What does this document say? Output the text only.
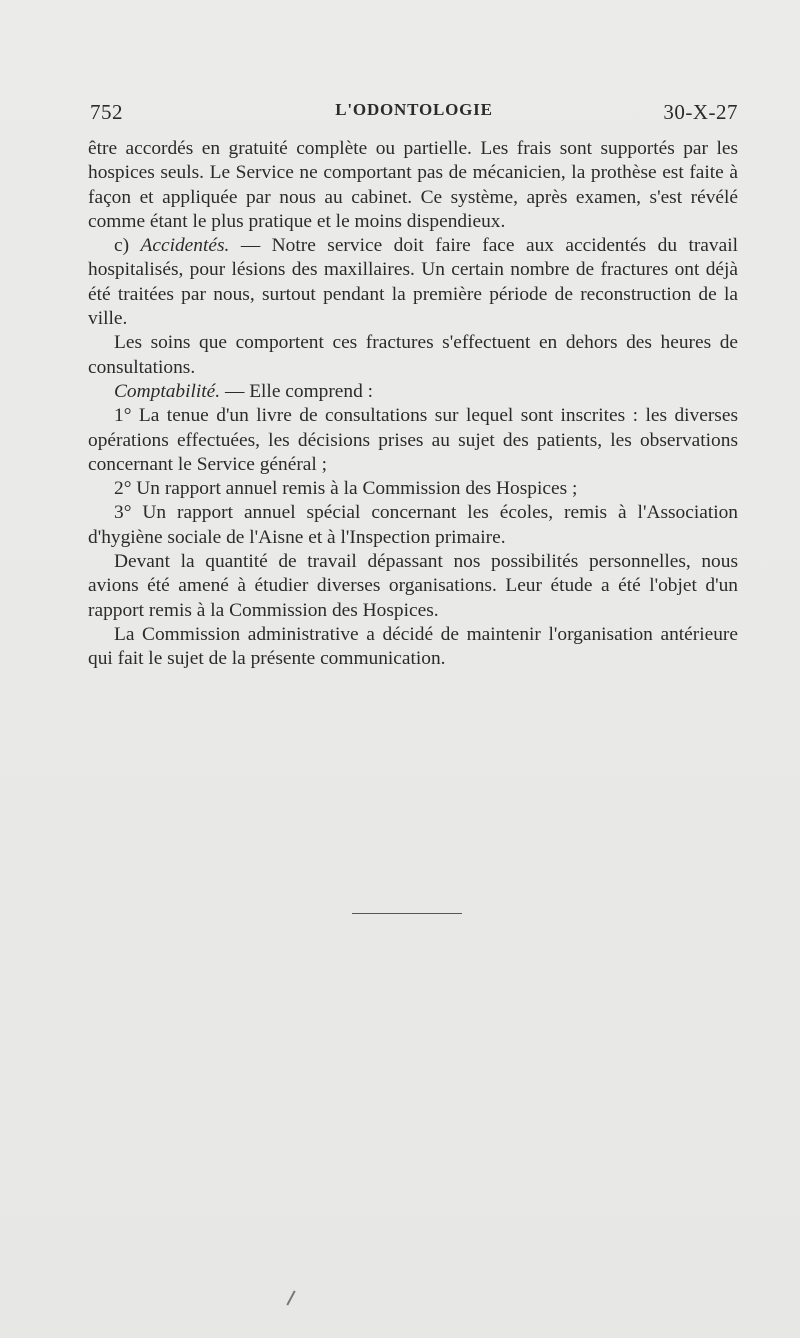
752	L'ODONTOLOGIE	30-X-27

être accordés en gratuité complète ou partielle. Les frais sont supportés par les hospices seuls. Le Service ne comportant pas de mécanicien, la prothèse est faite à façon et appliquée par nous au cabinet. Ce système, après examen, s'est révélé comme étant le plus pratique et le moins dispendieux.

c) Accidentés. — Notre service doit faire face aux accidentés du travail hospitalisés, pour lésions des maxillaires. Un certain nombre de fractures ont déjà été traitées par nous, surtout pendant la première période de reconstruction de la ville.

Les soins que comportent ces fractures s'effectuent en dehors des heures de consultations.

Comptabilité. — Elle comprend :

1° La tenue d'un livre de consultations sur lequel sont inscrites : les diverses opérations effectuées, les décisions prises au sujet des patients, les observations concernant le Service général ;

2° Un rapport annuel remis à la Commission des Hospices ;

3° Un rapport annuel spécial concernant les écoles, remis à l'Association d'hygiène sociale de l'Aisne et à l'Inspection primaire.

Devant la quantité de travail dépassant nos possibilités personnelles, nous avions été amené à étudier diverses organisations. Leur étude a été l'objet d'un rapport remis à la Commission des Hospices.

La Commission administrative a décidé de maintenir l'organisation antérieure qui fait le sujet de la présente communication.
